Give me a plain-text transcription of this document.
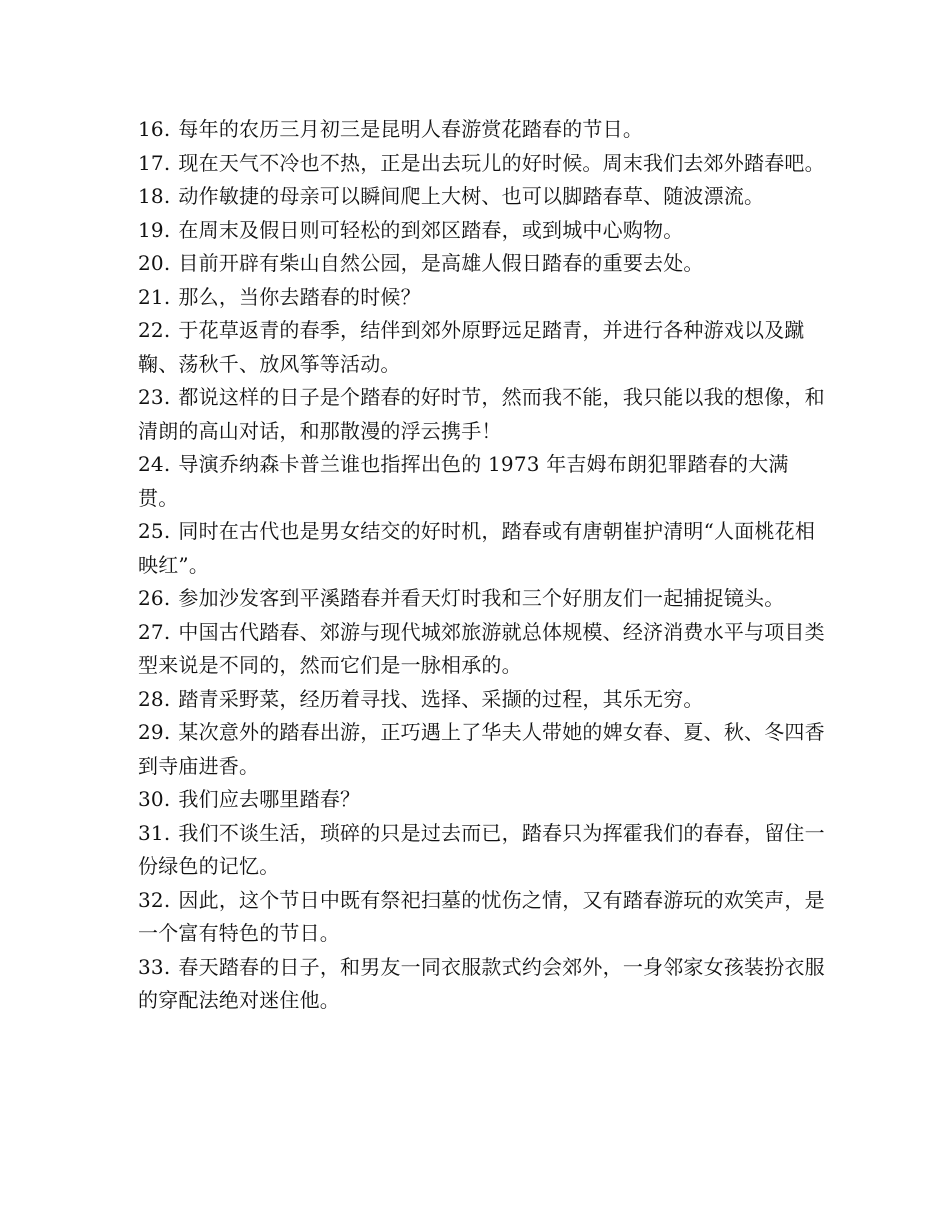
16. 每年的农历三月初三是昆明人春游赏花踏春的节日。

17. 现在天气不冷也不热，正是出去玩儿的好时候。周末我们去郊外踏春吧。

18. 动作敏捷的母亲可以瞬间爬上大树、也可以脚踏春草、随波漂流。

19. 在周末及假日则可轻松的到郊区踏春，或到城中心购物。

20. 目前开辟有柴山自然公园，是高雄人假日踏春的重要去处。

21. 那么，当你去踏春的时候？

22. 于花草返青的春季，结伴到郊外原野远足踏青，并进行各种游戏以及蹴鞠、荡秋千、放风筝等活动。

23. 都说这样的日子是个踏春的好时节，然而我不能，我只能以我的想像，和清朗的高山对话，和那散漫的浮云携手！

24. 导演乔纳森卡普兰谁也指挥出色的 1973 年吉姆布朗犯罪踏春的大满贯。

25. 同时在古代也是男女结交的好时机，踏春或有唐朝崔护清明“人面桃花相映红”。

26. 参加沙发客到平溪踏春并看天灯时我和三个好朋友们一起捕捉镜头。

27. 中国古代踏春、郊游与现代城郊旅游就总体规模、经济消费水平与项目类型来说是不同的，然而它们是一脉相承的。

28. 踏青采野菜，经历着寻找、选择、采撷的过程，其乐无穷。

29. 某次意外的踏春出游，正巧遇上了华夫人带她的婢女春、夏、秋、冬四香到寺庙进香。

30. 我们应去哪里踏春？

31. 我们不谈生活，琐碎的只是过去而已，踏春只为挥霍我们的春春，留住一份绿色的记忆。

32. 因此，这个节日中既有祭祀扫墓的忧伤之情，又有踏春游玩的欢笑声，是一个富有特色的节日。

33. 春天踏春的日子，和男友一同衣服款式约会郊外，一身邻家女孩装扮衣服的穿配法绝对迷住他。
